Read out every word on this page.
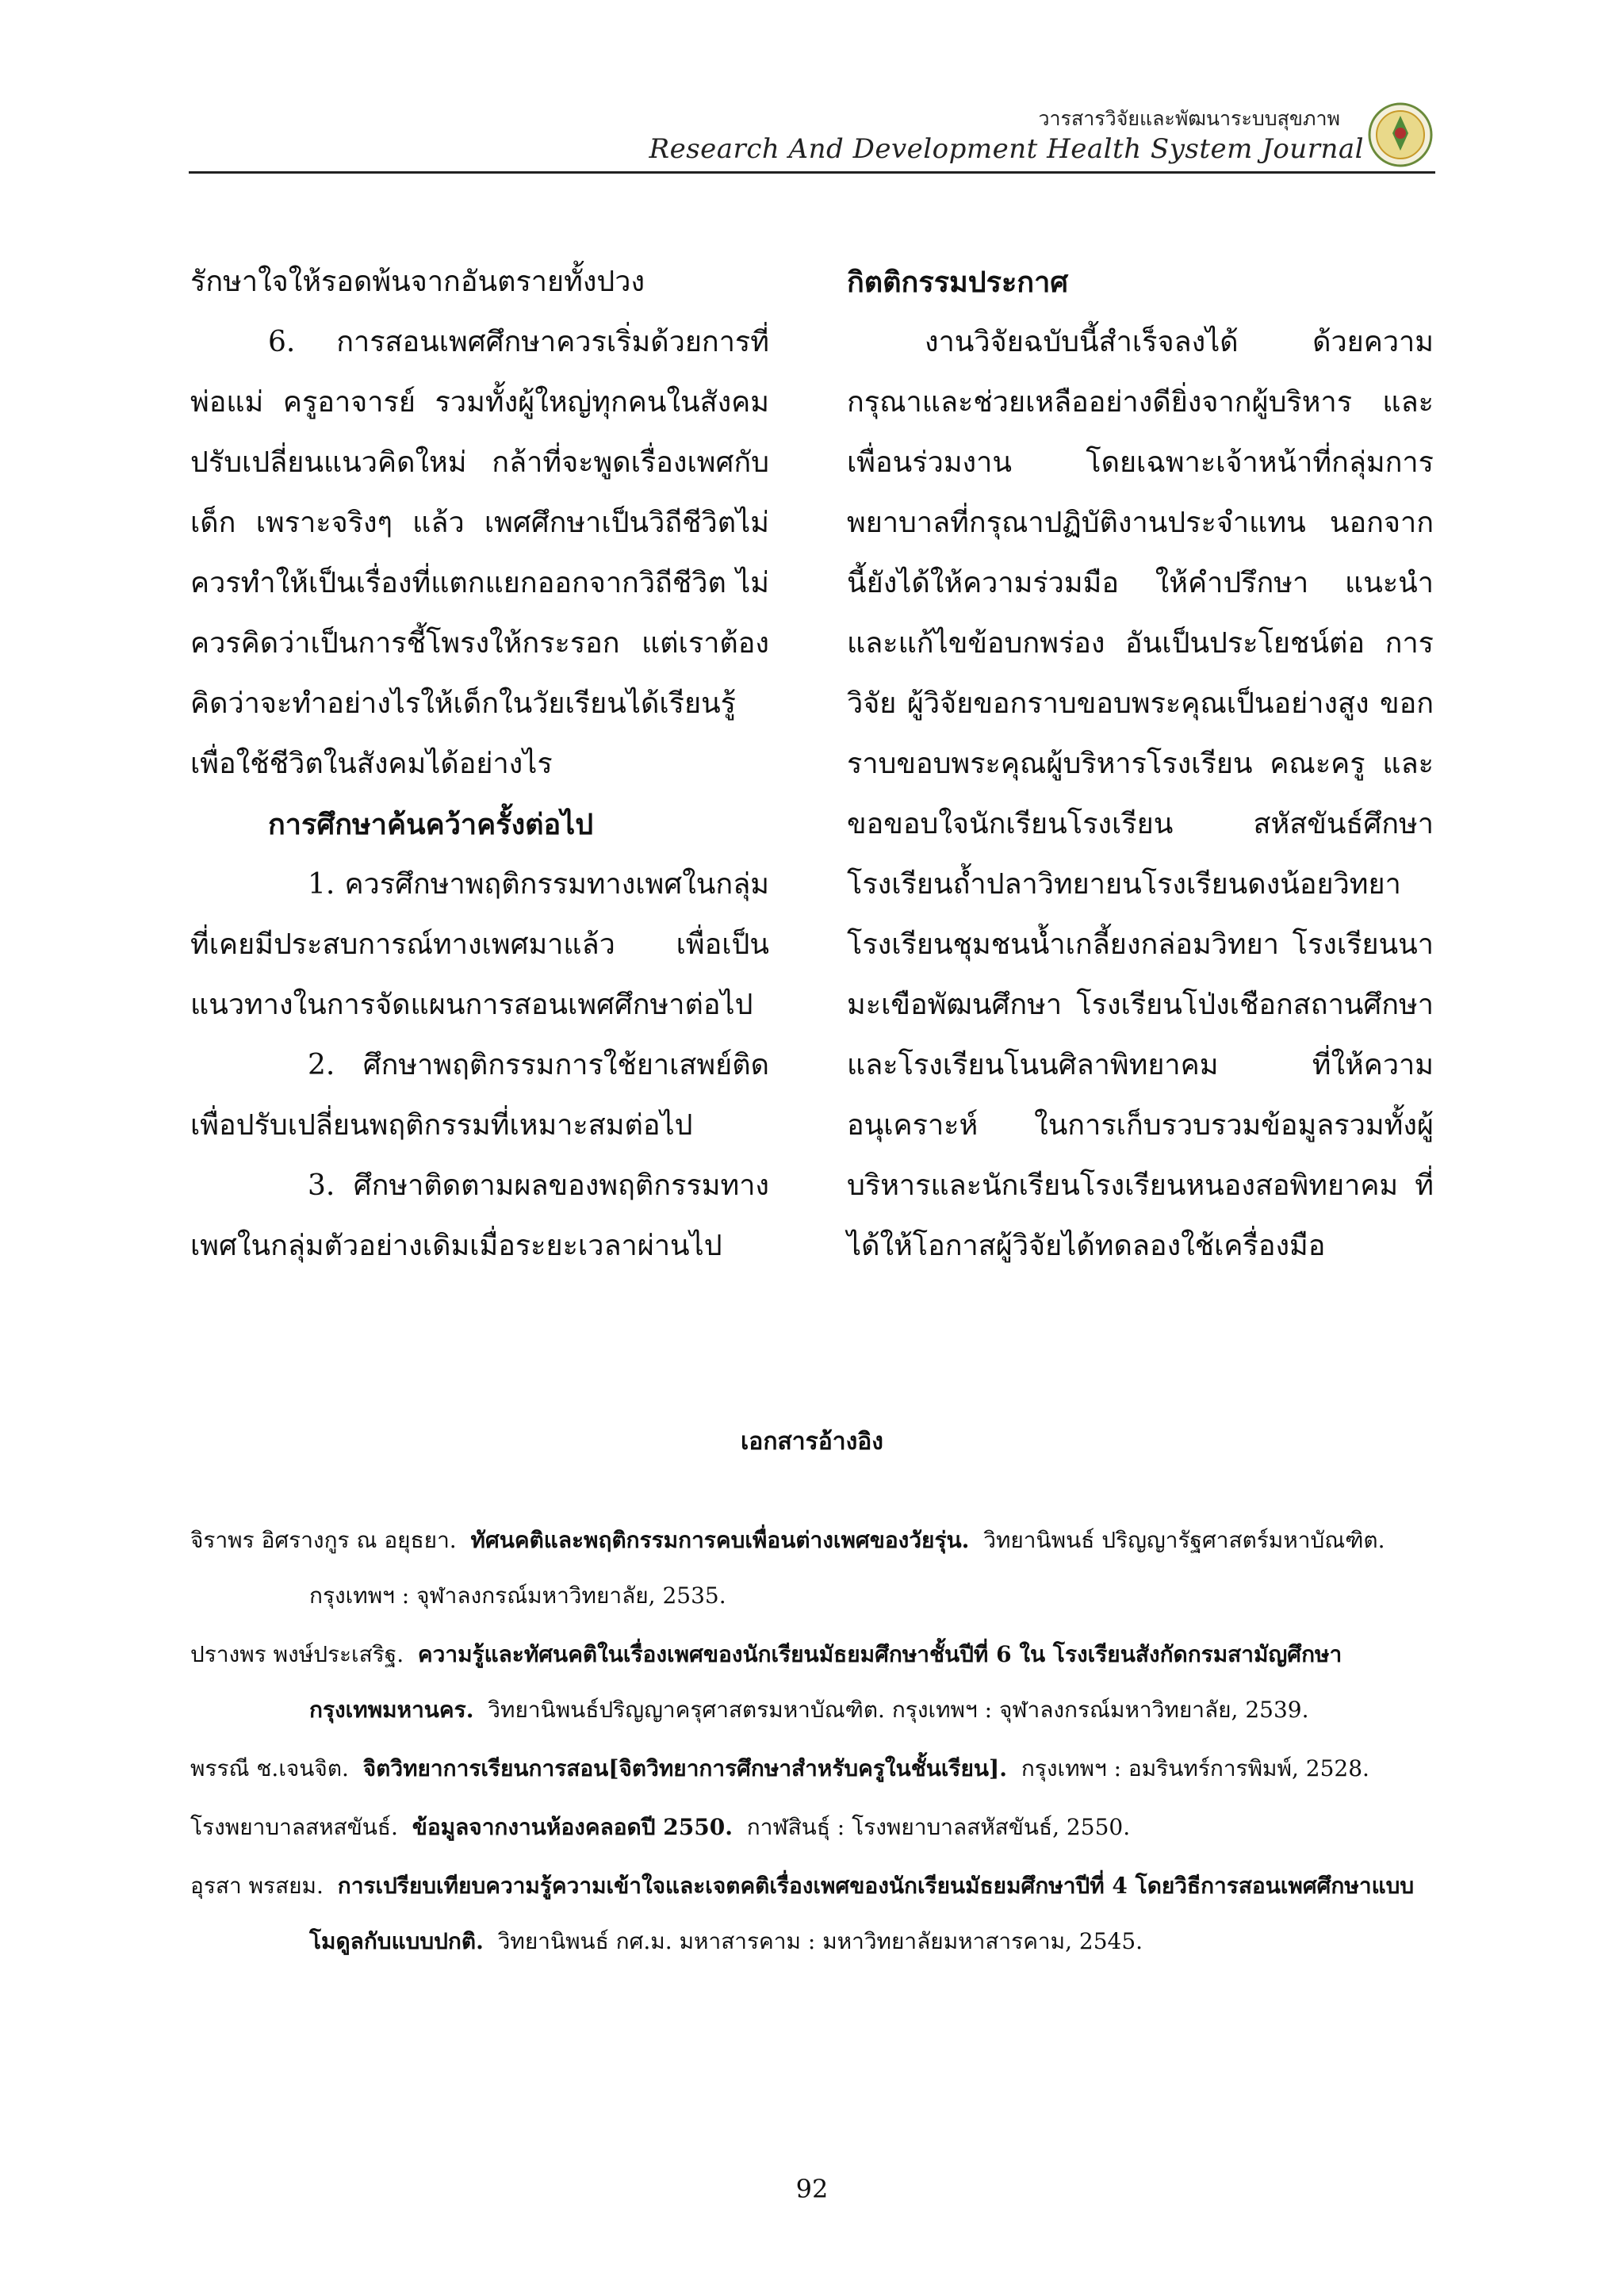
วารสารวิจัยและพัฒนาระบบสุขภาพ
Research And Development Health System Journal

รักษาใจให้รอดพ้นจากอันตรายทั้งปวง

6. การสอนเพศศึกษาควรเริ่มด้วยการที่พ่อแม่ ครูอาจารย์ รวมทั้งผู้ใหญ่ทุกคนในสังคมปรับเปลี่ยนแนวคิดใหม่ กล้าที่จะพูดเรื่องเพศกับเด็ก เพราะจริงๆ แล้ว เพศศึกษาเป็นวิถีชีวิตไม่ควรทำให้เป็นเรื่องที่แตกแยกออกจากวิถีชีวิต ไม่ควรคิดว่าเป็นการชี้โพรงให้กระรอก แต่เราต้องคิดว่าจะทำอย่างไรให้เด็กในวัยเรียนได้เรียนรู้เพื่อใช้ชีวิตในสังคมได้อย่างไร

การศึกษาค้นคว้าครั้งต่อไป

1. ควรศึกษาพฤติกรรมทางเพศในกลุ่มที่เคยมีประสบการณ์ทางเพศมาแล้ว เพื่อเป็นแนวทางในการจัดแผนการสอนเพศศึกษาต่อไป

2. ศึกษาพฤติกรรมการใช้ยาเสพย์ติดเพื่อปรับเปลี่ยนพฤติกรรมที่เหมาะสมต่อไป

3. ศึกษาติดตามผลของพฤติกรรมทางเพศในกลุ่มตัวอย่างเดิมเมื่อระยะเวลาผ่านไป

กิตติกรรมประกาศ

งานวิจัยฉบับนี้สำเร็จลงได้ ด้วยความกรุณาและช่วยเหลืออย่างดียิ่งจากผู้บริหาร และ เพื่อนร่วมงาน โดยเฉพาะเจ้าหน้าที่กลุ่มการพยาบาลที่กรุณาปฏิบัติงานประจำแทน นอกจากนี้ยังได้ให้ความร่วมมือ ให้คำปรึกษา แนะนำ และแก้ไขข้อบกพร่อง อันเป็นประโยชน์ต่อ การวิจัย ผู้วิจัยขอกราบขอบพระคุณเป็นอย่างสูง ขอกราบขอบพระคุณผู้บริหารโรงเรียน คณะครู และขอขอบใจนักเรียนโรงเรียน สหัสขันธ์ศึกษา โรงเรียนถ้ำปลาวิทยายนโรงเรียนดงน้อยวิทยา โรงเรียนชุมชนน้ำเกลี้ยงกล่อมวิทยา โรงเรียนนามะเขือพัฒนศึกษา โรงเรียนโป่งเชือกสถานศึกษาและโรงเรียนโนนศิลาพิทยาคม ที่ให้ความอนุเคราะห์ ในการเก็บรวบรวมข้อมูลรวมทั้งผู้บริหารและนักเรียนโรงเรียนหนองสอพิทยาคม ที่ได้ให้โอกาสผู้วิจัยได้ทดลองใช้เครื่องมือ

เอกสารอ้างอิง

จิราพร อิศรางกูร ณ อยุธยา. ทัศนคติและพฤติกรรมการคบเพื่อนต่างเพศของวัยรุ่น. วิทยานิพนธ์ ปริญญารัฐศาสตร์มหาบัณฑิต. กรุงเทพฯ : จุฬาลงกรณ์มหาวิทยาลัย, 2535.

ปรางพร พงษ์ประเสริฐ. ความรู้และทัศนคติในเรื่องเพศของนักเรียนมัธยมศึกษาชั้นปีที่ 6 ใน โรงเรียนสังกัดกรมสามัญศึกษา กรุงเทพมหานคร. วิทยานิพนธ์ปริญญาครุศาสตรมหาบัณฑิต. กรุงเทพฯ : จุฬาลงกรณ์มหาวิทยาลัย, 2539.

พรรณี ช.เจนจิต. จิตวิทยาการเรียนการสอน[จิตวิทยาการศึกษาสำหรับครูในชั้นเรียน]. กรุงเทพฯ : อมรินทร์การพิมพ์, 2528.

โรงพยาบาลสหสขันธ์. ข้อมูลจากงานห้องคลอดปี 2550. กาฬสินธุ์ : โรงพยาบาลสหัสขันธ์, 2550.

อุรสา พรสยม. การเปรียบเทียบความรู้ความเข้าใจและเจตคติเรื่องเพศของนักเรียนมัธยมศึกษาปีที่ 4 โดยวิธีการสอนเพศศึกษาแบบโมดูลกับแบบปกติ. วิทยานิพนธ์ กศ.ม. มหาสารคาม : มหาวิทยาลัยมหาสารคาม, 2545.

92
